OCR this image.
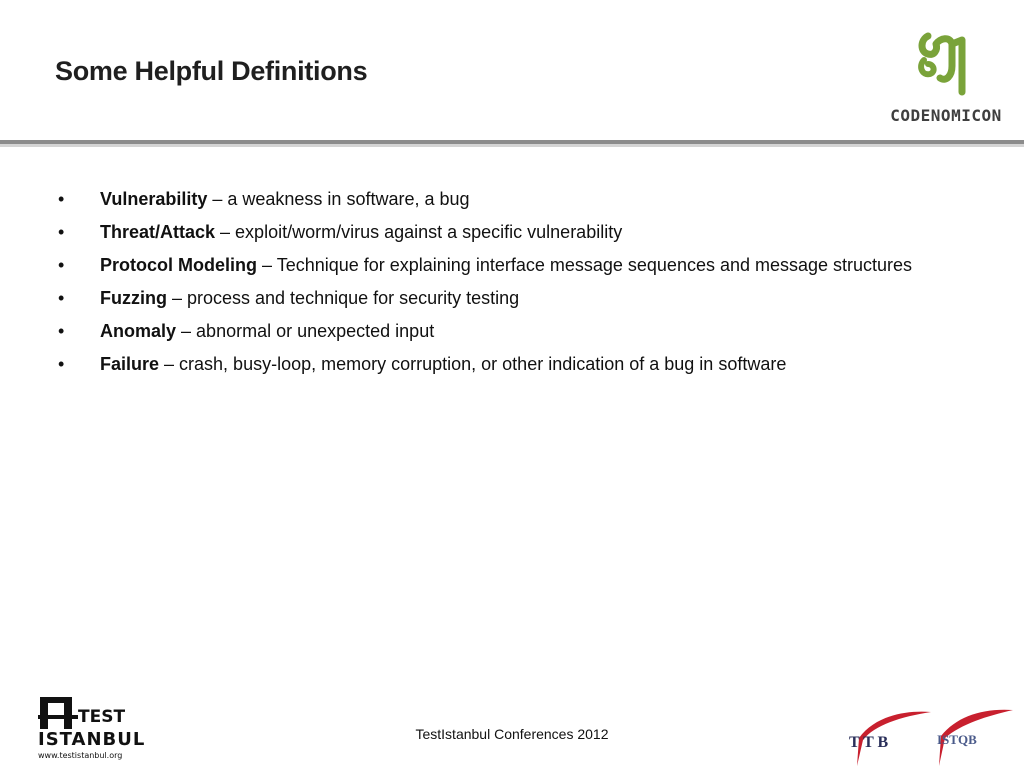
Some Helpful Definitions
CODENOMICON
• Vulnerability – a weakness in software, a bug
• Threat/Attack – exploit/worm/virus against a specific vulnerability
• Protocol Modeling – Technique for explaining interface message sequences and message structures
• Fuzzing – process and technique for security testing
• Anomaly – abnormal or unexpected input
• Failure – crash, busy-loop, memory corruption, or other indication of a bug in software
TEST
ISTANBUL
www.testistanbul.org
TestIstanbul Conferences 2012	T T B	ISTQB
